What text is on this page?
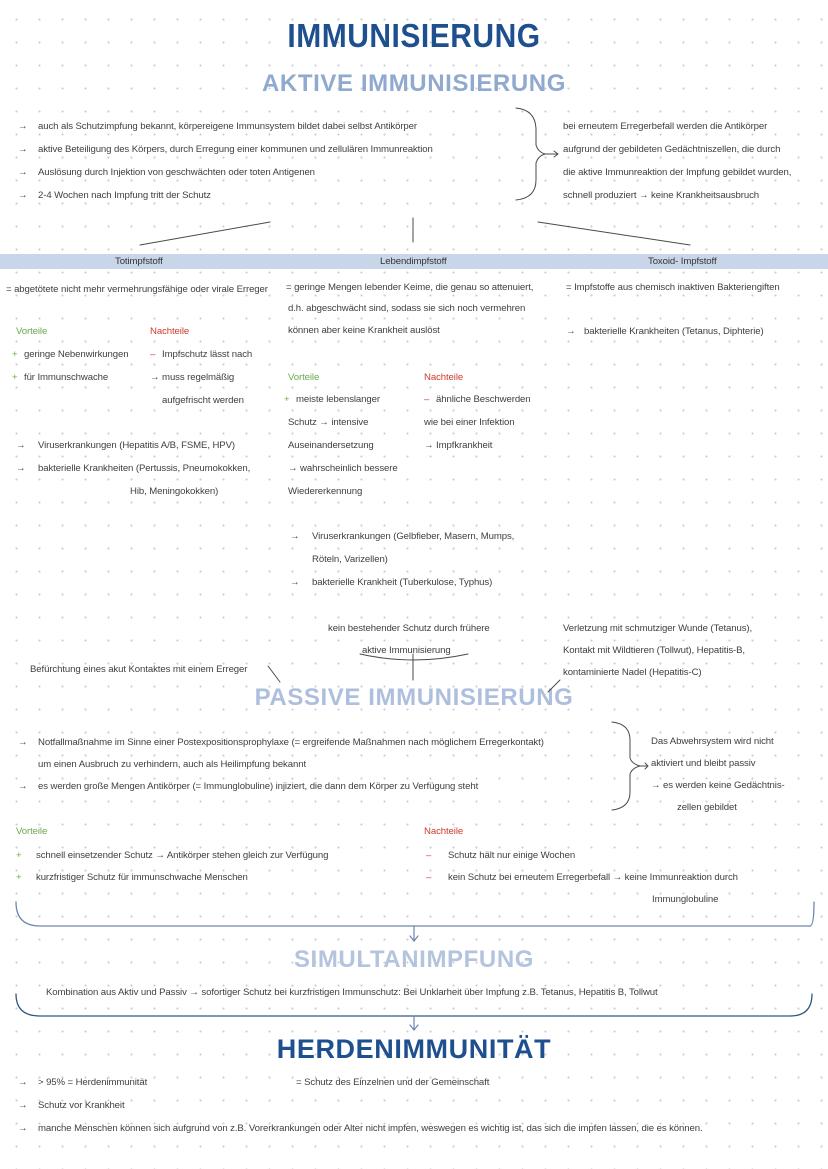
IMMUNISIERUNG
AKTIVE IMMUNISIERUNG
→ auch als Schutzimpfung bekannt, körpereigene Immunsystem bildet dabei selbst Antikörper
→ aktive Beteiligung des Körpers, durch Erregung einer kommunen und zellulären Immunreaktion
→ Auslösung durch Injektion von geschwächten oder toten Antigenen
→ 2-4 Wochen nach Impfung tritt der Schutz
bei erneutem Erregerbefall werden die Antikörper
aufgrund der gebildeten Gedächtniszellen, die durch
die aktive Immunreaktion der Impfung gebildet wurden,
schnell produziert → keine Krankheitsausbruch
Totimpfstoff	Lebendimpfstoff	Toxoid- Impfstoff
= abgetötete nicht mehr vermehrungsfähige oder virale Erreger
Vorteile	Nachteile
+ geringe Nebenwirkungen
+ für Immunschwache
– Impfschutz lässt nach
→ muss regelmäßig
aufgefrischt werden
→ Viruserkrankungen (Hepatitis A/B, FSME, HPV)
→ bakterielle Krankheiten (Pertussis, Pneumokokken,
Hib, Meningokokken)
= geringe Mengen lebender Keime, die genau so attenuiert,
d.h. abgeschwächt sind, sodass sie sich noch vermehren
können aber keine Krankheit auslöst
Vorteile	Nachteile
+ meiste lebenslanger
Schutz → intensive
Auseinandersetzung
→ wahrscheinlich bessere
Wiedererkennung
– ähnliche Beschwerden
wie bei einer Infektion
→ Impfkrankheit
→ Viruserkrankungen (Gelbfieber, Masern, Mumps,
Röteln, Varizellen)
→ bakterielle Krankheit (Tuberkulose, Typhus)
= Impfstoffe aus chemisch inaktiven Bakteriengiften
→ bakterielle Krankheiten (Tetanus, Diphterie)
kein bestehender Schutz durch frühere
aktive Immunisierung
Befürchtung eines akut Kontaktes mit einem Erreger
Verletzung mit schmutziger Wunde (Tetanus),
Kontakt mit Wildtieren (Tollwut), Hepatitis-B,
kontaminierte Nadel (Hepatitis-C)
PASSIVE IMMUNISIERUNG
→ Notfallmaßnahme im Sinne einer Postexpositionsprophylaxe (= ergreifende Maßnahmen nach möglichem Erregerkontakt)
um einen Ausbruch zu verhindern, auch als Heilimpfung bekannt
→ es werden große Mengen Antikörper (= Immunglobuline) injiziert, die dann dem Körper zu Verfügung steht
Das Abwehrsystem wird nicht
aktiviert und bleibt passiv
→ es werden keine Gedächtnis-
zellen gebildet
Vorteile	Nachteile
+ schnell einsetzender Schutz → Antikörper stehen gleich zur Verfügung
+ kurzfristiger Schutz für immunschwache Menschen
– Schutz hält nur einige Wochen
– kein Schutz bei erneutem Erregerbefall → keine Immunreaktion durch
Immunglobuline
SIMULTANIMPFUNG
Kombination aus Aktiv und Passiv → sofortiger Schutz bei kurzfristigen Immunschutz: Bei Unklarheit über Impfung z.B. Tetanus, Hepatitis B, Tollwut
HERDENIMMUNITÄT
→ > 95% = Herdenimmunität	= Schutz des Einzelnen und der Gemeinschaft
→ Schutz vor Krankheit
→ manche Menschen können sich aufgrund von z.B. Vorerkrankungen oder Alter nicht impfen, weswegen es wichtig ist, das sich die impfen lassen, die es können.
